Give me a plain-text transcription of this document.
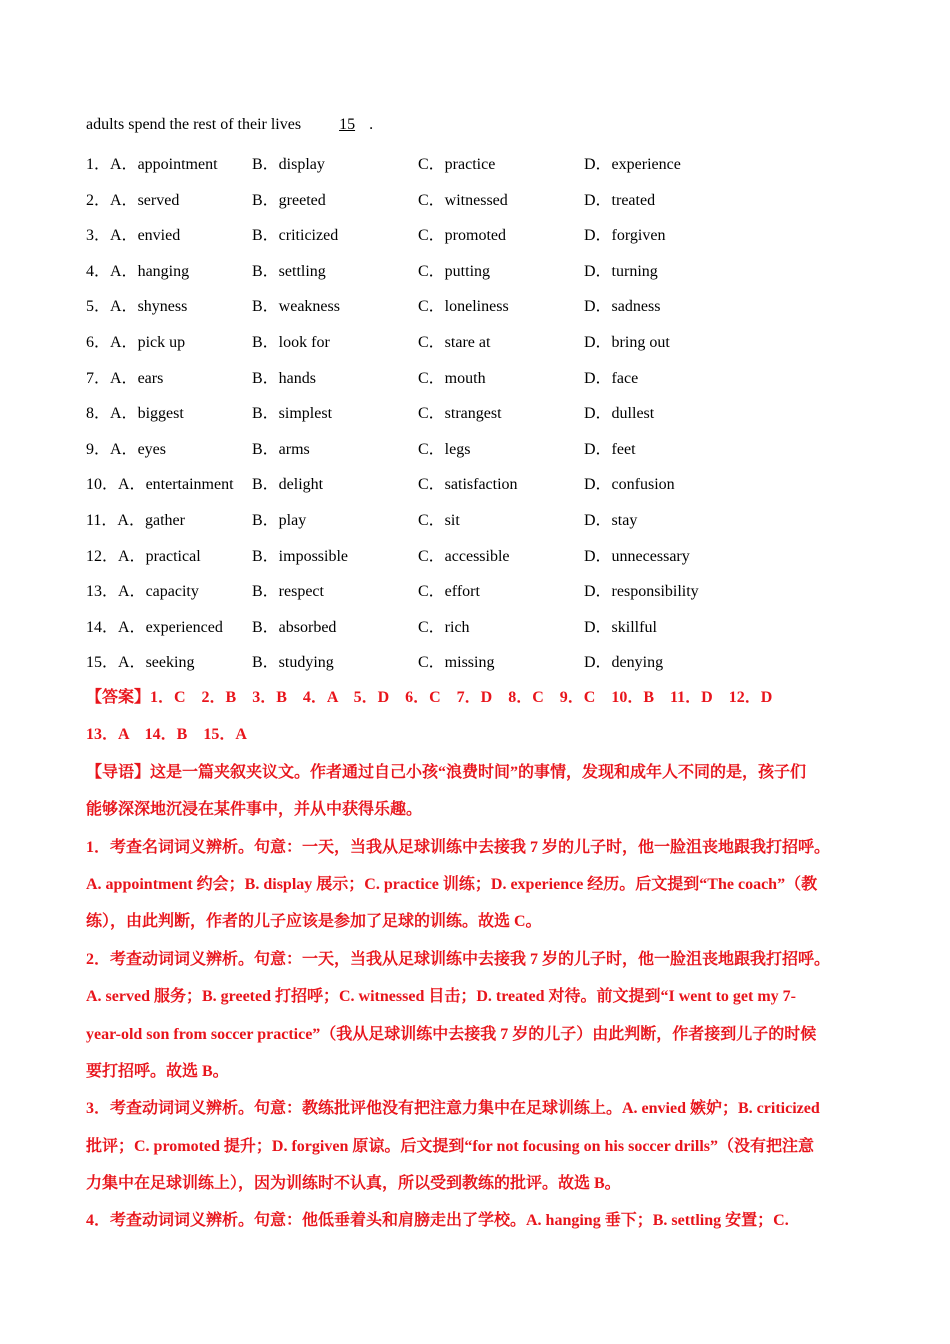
adults spend the rest of their lives 15 .
1．A．appointment B．display	C．practice	D．experience
2．A．served	B．greeted	C．witnessed	D．treated
3．A．envied	B．criticized	C．promoted	D．forgiven
4．A．hanging	B．settling	C．putting	D．turning
5．A．shyness	B．weakness	C．loneliness	D．sadness
6．A．pick up	B．look for	C．stare at	D．bring out
7．A．ears	B．hands	C．mouth	D．face
8．A．biggest	B．simplest	C．strangest	D．dullest
9．A．eyes	B．arms	C．legs	D．feet
10．A．entertainment B．delight	C．satisfaction	D．confusion
11．A．gather	B．play	C．sit	D．stay
12．A．practical	B．impossible	C．accessible	D．unnecessary
13．A．capacity	B．respect	C．effort	D．responsibility
14．A．experienced B．absorbed	C．rich	D．skillful
15．A．seeking	B．studying	C．missing	D．denying
【答案】1．C　2．B　3．B　4．A　5．D　6．C　7．D　8．C　9．C　10．B　11．D　12．D
13．A　14．B　15．A
【导语】这是一篇夹叙夹议文。作者通过自己小孩“浪费时间”的事情，发现和成年人不同的是，孩子们
能够深深地沉浸在某件事中，并从中获得乐趣。
1．考查名词词义辨析。句意：一天，当我从足球训练中去接我 7 岁的儿子时，他一脸沮丧地跟我打招呼。
A. appointment 约会；B. display 展示；C. practice 训练；D. experience 经历。后文提到“The coach”（教
练），由此判断，作者的儿子应该是参加了足球的训练。故选 C。
2．考查动词词义辨析。句意：一天，当我从足球训练中去接我 7 岁的儿子时，他一脸沮丧地跟我打招呼。
A. served 服务；B. greeted 打招呼；C. witnessed 目击；D. treated 对待。前文提到“I went to get my 7-
year-old son from soccer practice”（我从足球训练中去接我 7 岁的儿子）由此判断，作者接到儿子的时候
要打招呼。故选 B。
3．考查动词词义辨析。句意：教练批评他没有把注意力集中在足球训练上。A. envied 嫉妒；B. criticized
批评；C. promoted 提升；D. forgiven 原谅。后文提到“for not focusing on his soccer drills”（没有把注意
力集中在足球训练上），因为训练时不认真，所以受到教练的批评。故选 B。
4．考查动词词义辨析。句意：他低垂着头和肩膀走出了学校。A. hanging 垂下；B. settling 安置；C.
